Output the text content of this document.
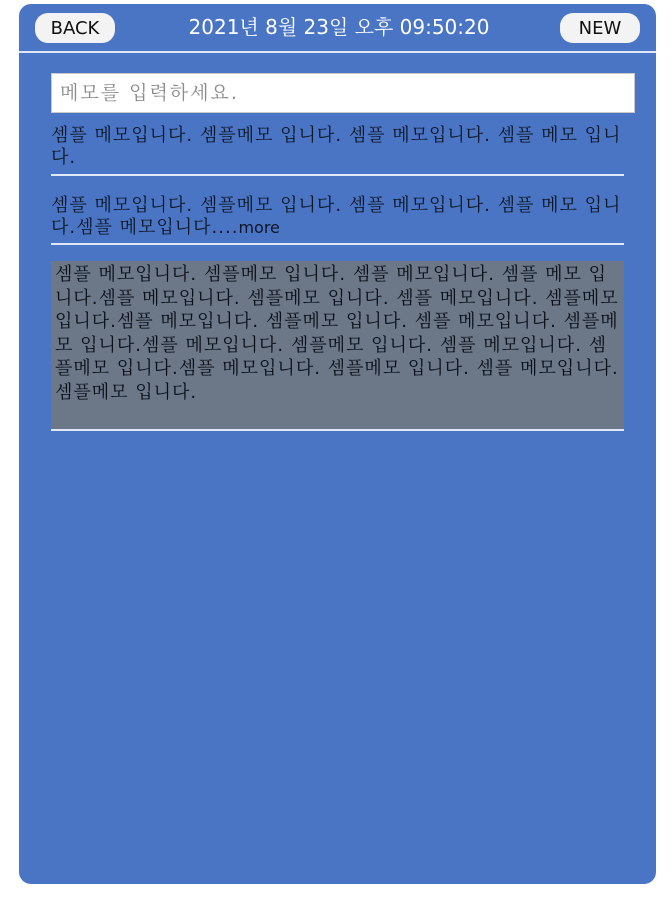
BACK	2021년 8월 23일 오후 09:50:20	NEW
메모를 입력하세요.
셈플 메모입니다. 셈플메모 입니다. 셈플 메모입니다. 셈플 메모 입니다.
셈플 메모입니다. 셈플메모 입니다. 셈플 메모입니다. 셈플 메모 입니다.셈플 메모입니다....more
셈플 메모입니다. 셈플메모 입니다. 셈플 메모입니다. 셈플 메모 입니다.셈플 메모입니다. 셈플메모 입니다. 셈플 메모입니다. 셈플메모 입니다.셈플 메모입니다. 셈플메모 입니다. 셈플 메모입니다. 셈플메모 입니다.셈플 메모입니다. 셈플메모 입니다. 셈플 메모입니다. 셈플메모 입니다.셈플 메모입니다. 셈플메모 입니다. 셈플 메모입니다. 셈플메모 입니다.
